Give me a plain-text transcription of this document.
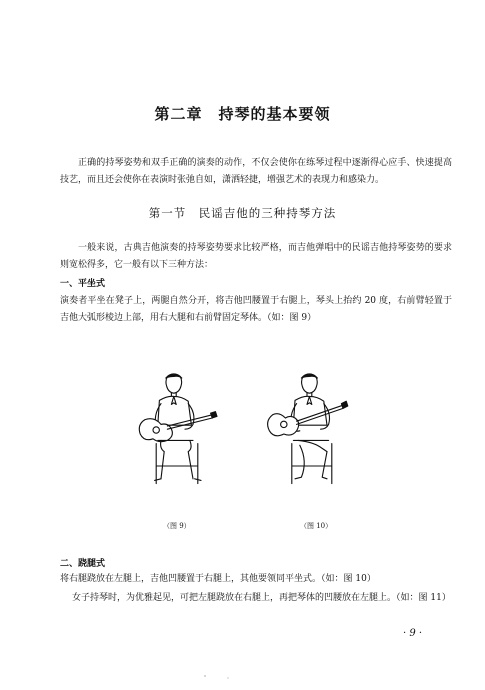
第二章　持琴的基本要领
正确的持琴姿势和双手正确的演奏的动作，不仅会使你在练琴过程中逐渐得心应手、快速提高技艺，而且还会使你在表演时张弛自如，潇洒轻捷，增强艺术的表现力和感染力。
第一节　民谣吉他的三种持琴方法
一般来说，古典吉他演奏的持琴姿势要求比较严格，而吉他弹唱中的民谣吉他持琴姿势的要求则宽松得多，它一般有以下三种方法：
一、平坐式
演奏者平坐在凳子上，两腿自然分开，将吉他凹腰置于右腿上，琴头上抬约 20 度，右前臂轻置于吉他大弧形棱边上部，用右大腿和右前臂固定琴体。（如：图 9）
（图 9）	（图 10）
二、跷腿式
将右腿跷放在左腿上，吉他凹腰置于右腿上，其他要领同平坐式。（如：图 10）
女子持琴时，为优雅起见，可把左腿跷放在右腿上，再把琴体的凹腰放在左腿上。（如：图 11）
· 9 ·
